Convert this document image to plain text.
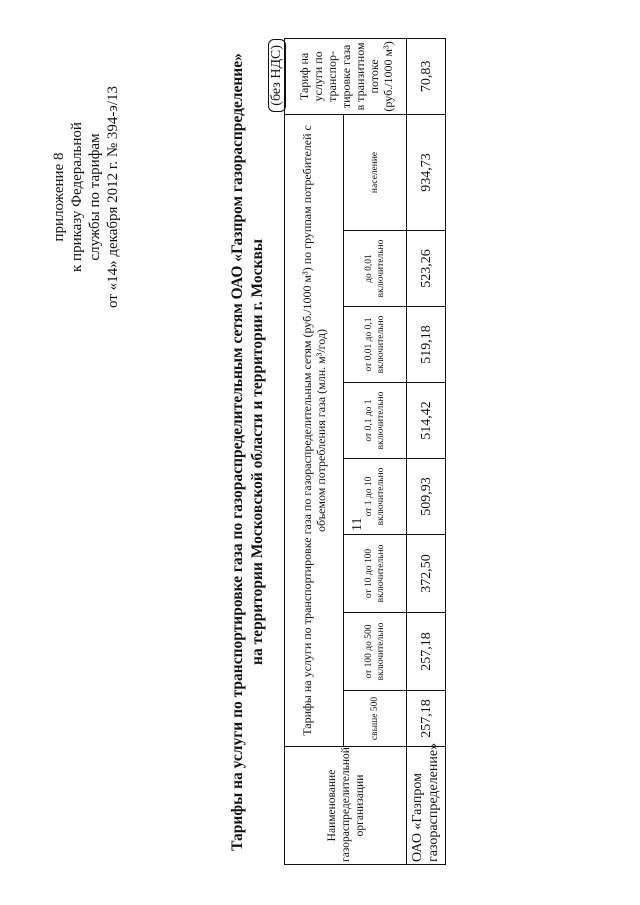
приложение 8 к приказу Федеральной службы по тарифам от «14» декабря 2012 г. № 394-э/13	Тарифы на услуги по транспортировке газа по газораспределительным сетям ОАО «Газпром газораспределение» на территории Московской области и территории г. Москвы
(без НДС)
Наименование газораспределительной организации	Тарифы на услуги по транспортировке газа по газораспределительным сетям (руб./1000 м³) по группам потребителей с объемом потребления газа (млн. м³/год)								Тариф на услуги по транспор-тировке газа в транзитном потоке (руб./1000 м³)
	свыше 500	от 100 до 500 включительно	от 10 до 100 включительно	от 1 до 10 включительно	от 0,1 до 1 включительно	от 0,01 до 0,1 включительно	до 0,01 включительно	население	
ОАО «Газпром газораспределение»	257,18	257,18	372,50	509,93	514,42	519,18	523,26	934,73	70,83
11
